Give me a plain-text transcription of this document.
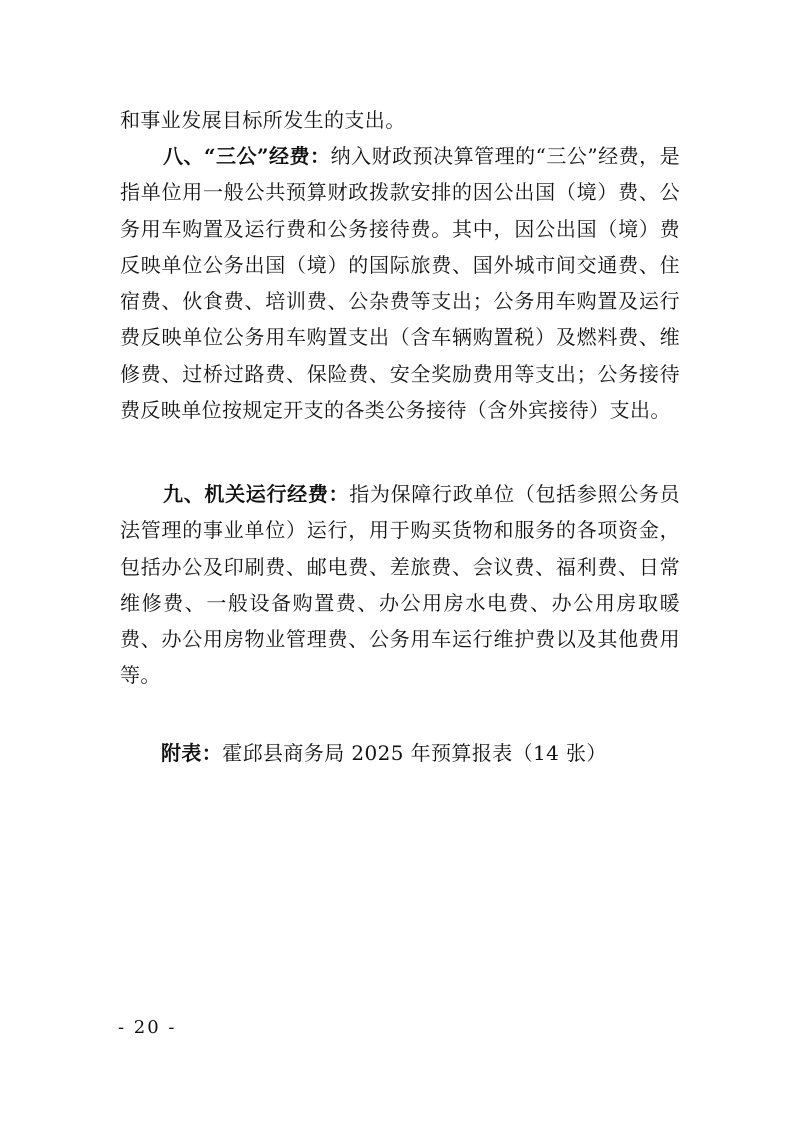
和事业发展目标所发生的支出。

八、“三公”经费：纳入财政预决算管理的“三公”经费，是指单位用一般公共预算财政拨款安排的因公出国（境）费、公务用车购置及运行费和公务接待费。其中，因公出国（境）费反映单位公务出国（境）的国际旅费、国外城市间交通费、住宿费、伙食费、培训费、公杂费等支出；公务用车购置及运行费反映单位公务用车购置支出（含车辆购置税）及燃料费、维修费、过桥过路费、保险费、安全奖励费用等支出；公务接待费反映单位按规定开支的各类公务接待（含外宾接待）支出。

九、机关运行经费：指为保障行政单位（包括参照公务员法管理的事业单位）运行，用于购买货物和服务的各项资金，包括办公及印刷费、邮电费、差旅费、会议费、福利费、日常维修费、一般设备购置费、办公用房水电费、办公用房取暖费、办公用房物业管理费、公务用车运行维护费以及其他费用等。

附表：霍邱县商务局 2025 年预算报表（14 张）
- 20 -
